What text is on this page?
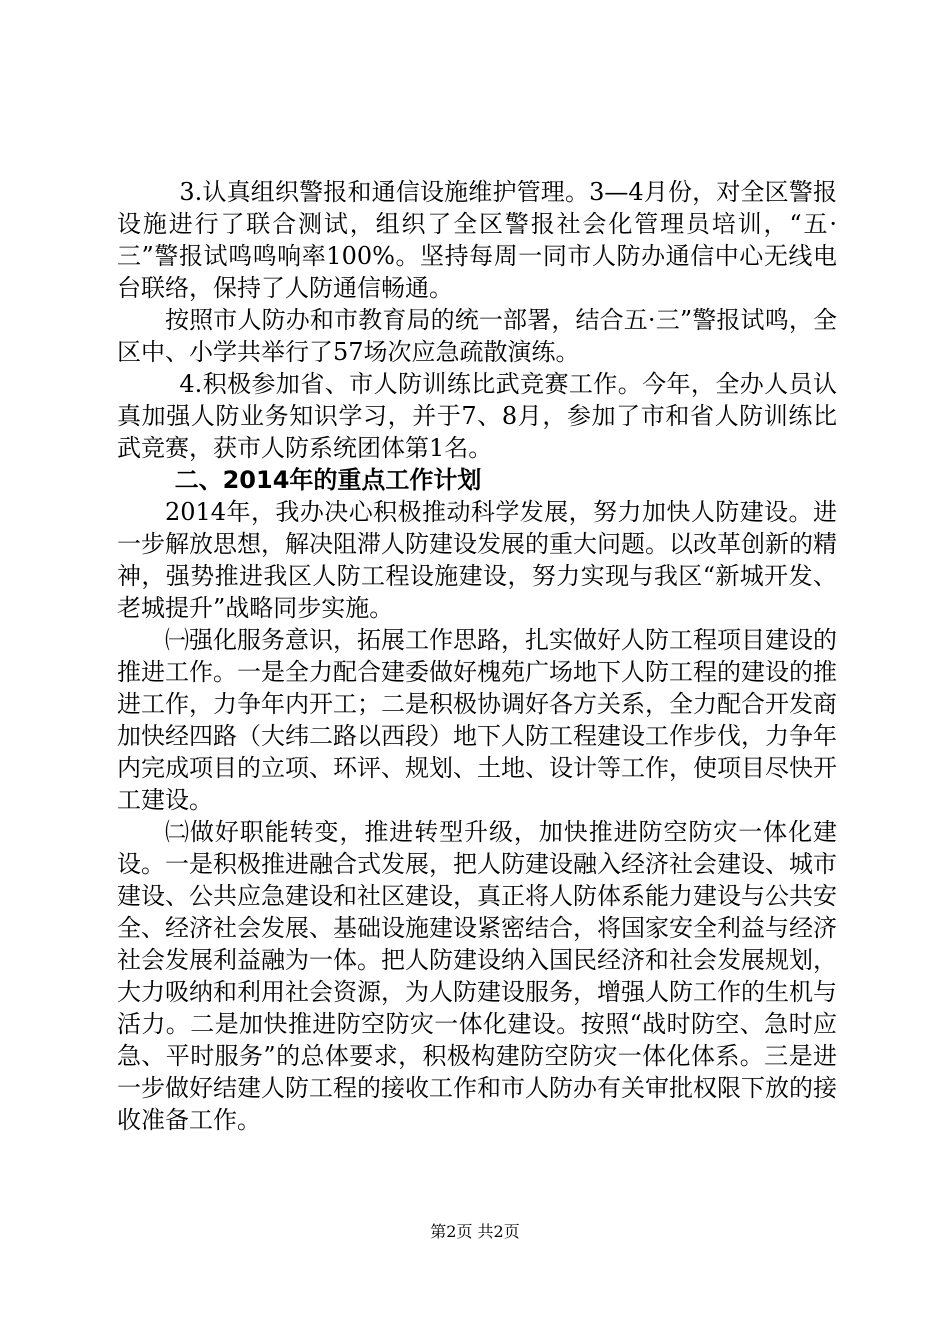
3.认真组织警报和通信设施维护管理。3—4月份，对全区警报设施进行了联合测试，组织了全区警报社会化管理员培训，“五·三”警报试鸣鸣响率100%。坚持每周一同市人防办通信中心无线电台联络，保持了人防通信畅通。

按照市人防办和市教育局的统一部署，结合五·三”警报试鸣，全区中、小学共举行了57场次应急疏散演练。

4.积极参加省、市人防训练比武竞赛工作。今年，全办人员认真加强人防业务知识学习，并于7、8月，参加了市和省人防训练比武竞赛，获市人防系统团体第1名。

二、2014年的重点工作计划

2014年，我办决心积极推动科学发展，努力加快人防建设。进一步解放思想，解决阻滞人防建设发展的重大问题。以改革创新的精神，强势推进我区人防工程设施建设，努力实现与我区“新城开发、老城提升”战略同步实施。

㈠强化服务意识，拓展工作思路，扎实做好人防工程项目建设的推进工作。一是全力配合建委做好槐苑广场地下人防工程的建设的推进工作，力争年内开工；二是积极协调好各方关系，全力配合开发商加快经四路（大纬二路以西段）地下人防工程建设工作步伐，力争年内完成项目的立项、环评、规划、土地、设计等工作，使项目尽快开工建设。

㈡做好职能转变，推进转型升级，加快推进防空防灾一体化建设。一是积极推进融合式发展，把人防建设融入经济社会建设、城市建设、公共应急建设和社区建设，真正将人防体系能力建设与公共安全、经济社会发展、基础设施建设紧密结合，将国家安全利益与经济社会发展利益融为一体。把人防建设纳入国民经济和社会发展规划，大力吸纳和利用社会资源，为人防建设服务，增强人防工作的生机与活力。二是加快推进防空防灾一体化建设。按照“战时防空、急时应急、平时服务”的总体要求，积极构建防空防灾一体化体系。三是进一步做好结建人防工程的接收工作和市人防办有关审批权限下放的接收准备工作。

第2页 共2页
